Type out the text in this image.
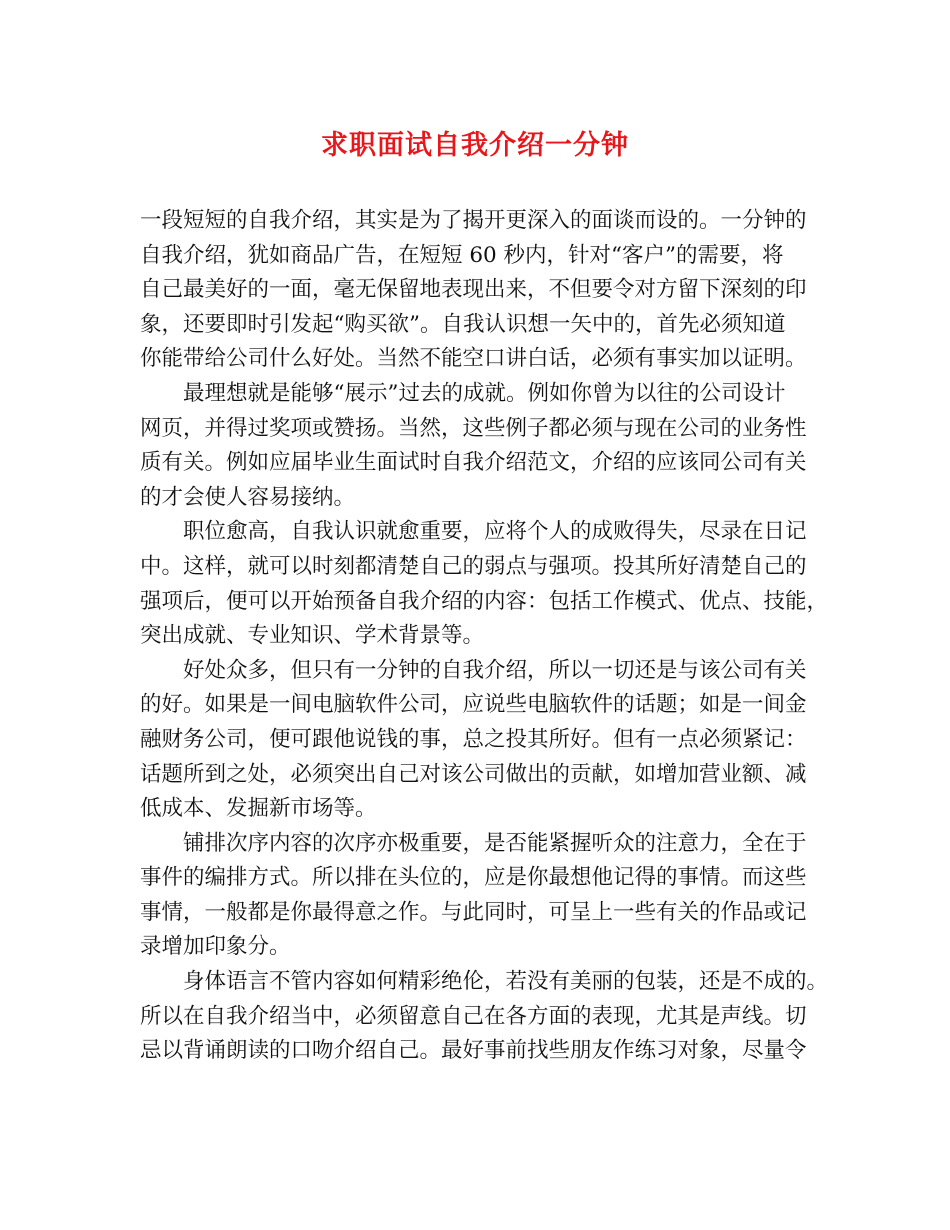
求职面试自我介绍一分钟
一段短短的自我介绍，其实是为了揭开更深入的面谈而设的。一分钟的
自我介绍，犹如商品广告，在短短 60 秒内，针对“客户”的需要，将
自己最美好的一面，毫无保留地表现出来，不但要令对方留下深刻的印
象，还要即时引发起“购买欲”。自我认识想一矢中的，首先必须知道
你能带给公司什么好处。当然不能空口讲白话，必须有事实加以证明。
最理想就是能够“展示”过去的成就。例如你曾为以往的公司设计
网页，并得过奖项或赞扬。当然，这些例子都必须与现在公司的业务性
质有关。例如应届毕业生面试时自我介绍范文，介绍的应该同公司有关
的才会使人容易接纳。
职位愈高，自我认识就愈重要，应将个人的成败得失，尽录在日记
中。这样，就可以时刻都清楚自己的弱点与强项。投其所好清楚自己的
强项后，便可以开始预备自我介绍的内容：包括工作模式、优点、技能，
突出成就、专业知识、学术背景等。
好处众多，但只有一分钟的自我介绍，所以一切还是与该公司有关
的好。如果是一间电脑软件公司，应说些电脑软件的话题；如是一间金
融财务公司，便可跟他说钱的事，总之投其所好。但有一点必须紧记：
话题所到之处，必须突出自己对该公司做出的贡献，如增加营业额、减
低成本、发掘新市场等。
铺排次序内容的次序亦极重要，是否能紧握听众的注意力，全在于
事件的编排方式。所以排在头位的，应是你最想他记得的事情。而这些
事情，一般都是你最得意之作。与此同时，可呈上一些有关的作品或记
录增加印象分。
身体语言不管内容如何精彩绝伦，若没有美丽的包装，还是不成的。
所以在自我介绍当中，必须留意自己在各方面的表现，尤其是声线。切
忌以背诵朗读的口吻介绍自己。最好事前找些朋友作练习对象，尽量令
